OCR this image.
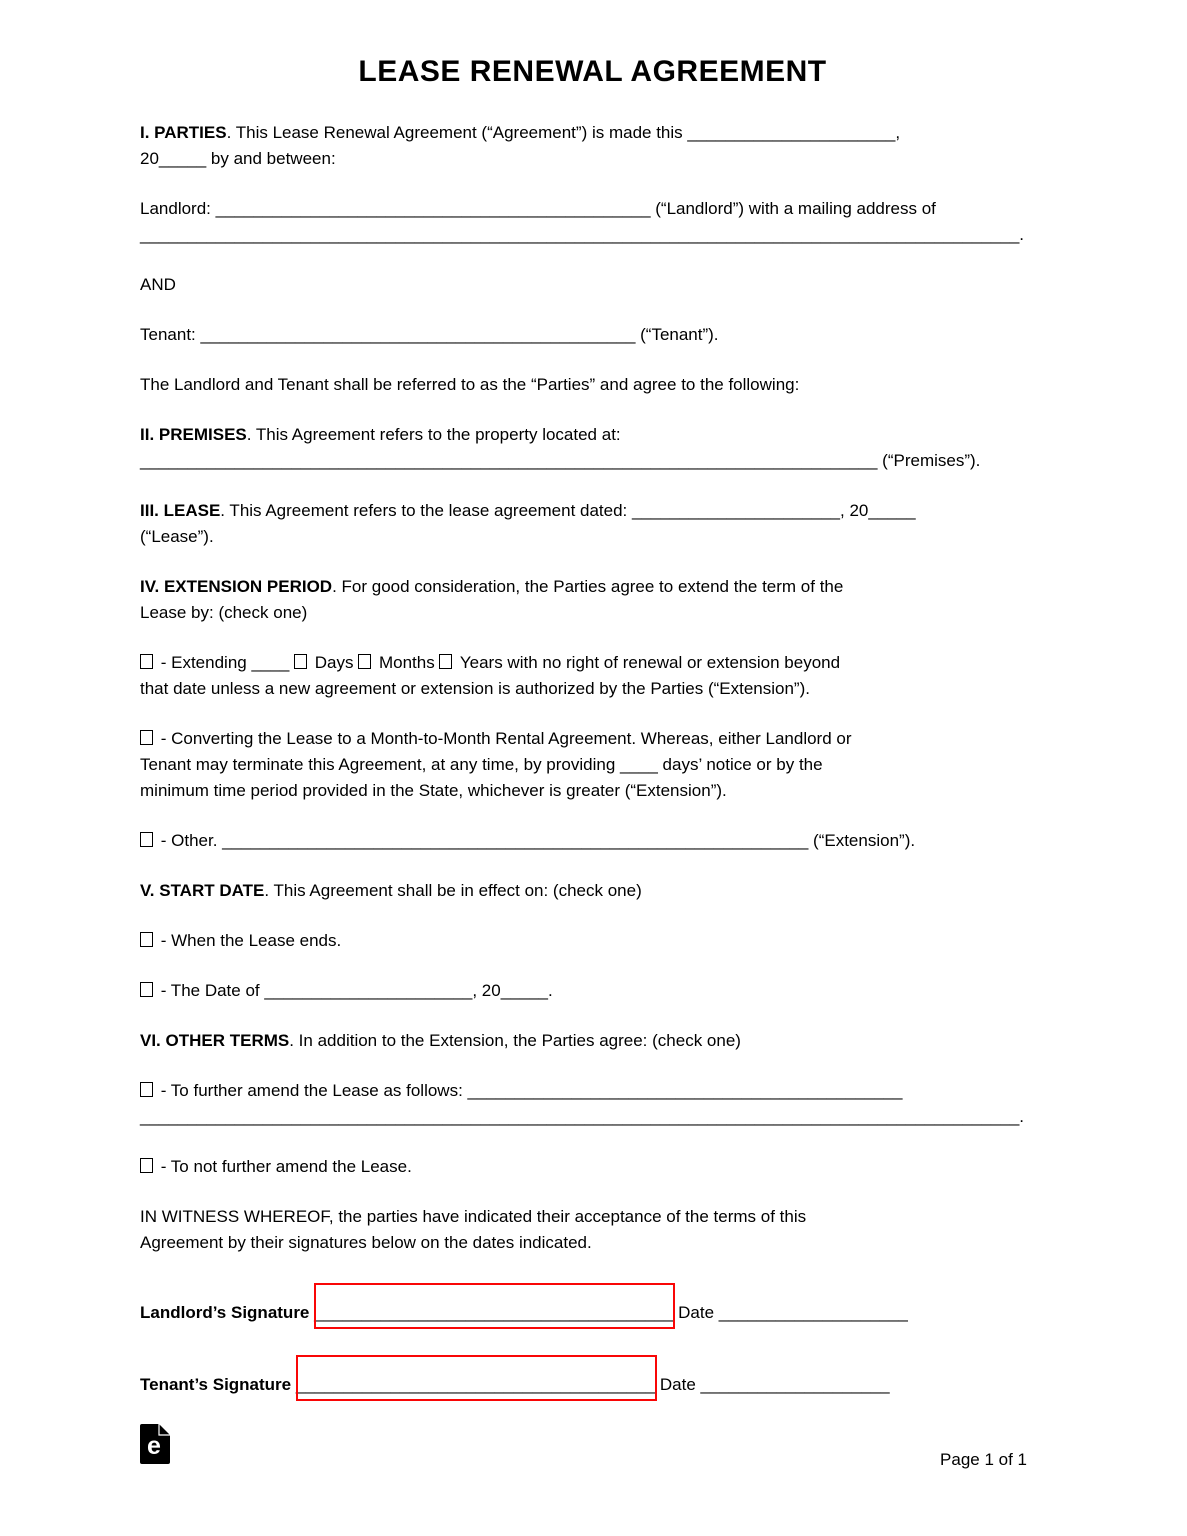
LEASE RENEWAL AGREEMENT
I. PARTIES. This Lease Renewal Agreement (“Agreement”) is made this ______________________,
20_____ by and between:
Landlord: ______________________________________________ (“Landlord”) with a mailing address of
_____________________________________________________________________________________________.
AND
Tenant: ______________________________________________ (“Tenant”).
The Landlord and Tenant shall be referred to as the “Parties” and agree to the following:
II. PREMISES. This Agreement refers to the property located at:
______________________________________________________________________________ (“Premises”).
III. LEASE. This Agreement refers to the lease agreement dated: ______________________, 20_____
(“Lease”).
IV. EXTENSION PERIOD. For good consideration, the Parties agree to extend the term of the
Lease by: (check one)
- Extending ____ Days Months Years with no right of renewal or extension beyond
that date unless a new agreement or extension is authorized by the Parties (“Extension”).
- Converting the Lease to a Month-to-Month Rental Agreement. Whereas, either Landlord or
Tenant may terminate this Agreement, at any time, by providing ____ days’ notice or by the
minimum time period provided in the State, whichever is greater (“Extension”).
- Other. ______________________________________________________________ (“Extension”).
V. START DATE. This Agreement shall be in effect on: (check one)
- When the Lease ends.
- The Date of ______________________, 20_____.
VI. OTHER TERMS. In addition to the Extension, the Parties agree: (check one)
- To further amend the Lease as follows: ______________________________________________
_____________________________________________________________________________________________.
- To not further amend the Lease.
IN WITNESS WHEREOF, the parties have indicated their acceptance of the terms of this
Agreement by their signatures below on the dates indicated.
Landlord’s Signature ______________________________________ Date ____________________
Tenant’s Signature ______________________________________ Date ____________________
e	Page 1 of 1
